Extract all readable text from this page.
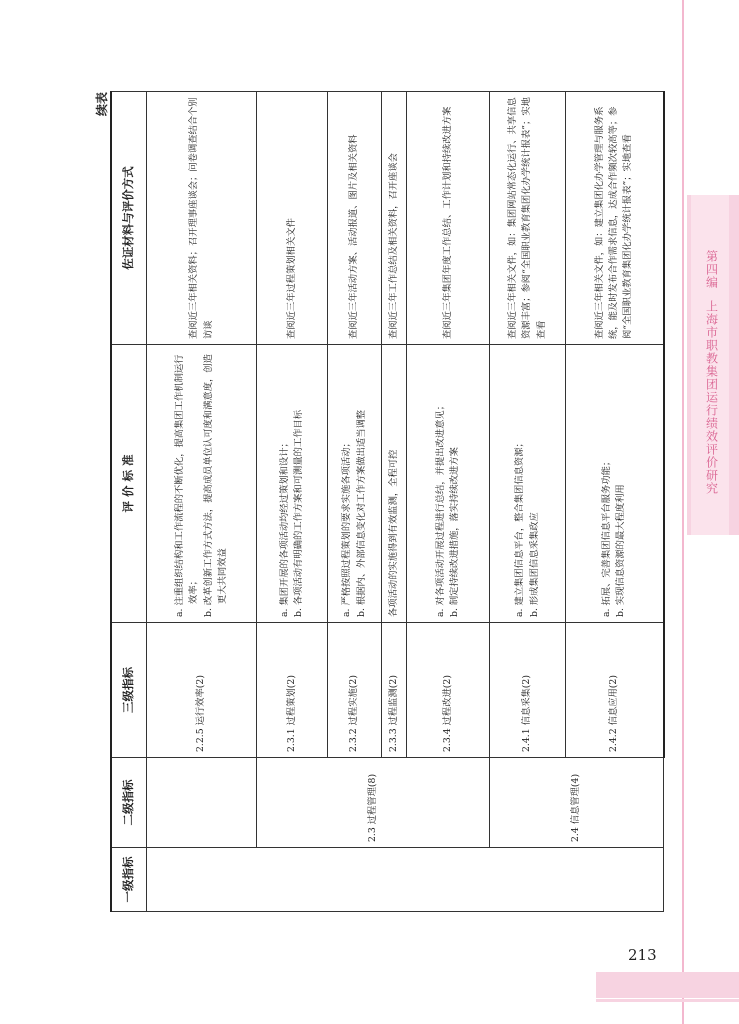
第四编 上海市职教集团运行绩效评价研究
213
续表
一级指标	二级指标	三级指标	评 价 标 准	佐证材料与评价方式
		2.2.5 运行效率(2)	a. 注重组织结构和工作流程的不断优化，提高集团工作机制运行效率； b. 改革创新工作方式方法，提高成员单位认可度和满意度，创造更大共同效益	查阅近三年相关资料；召开理事座谈会；问卷调查结合个别访谈
	2.3 过程管理(8)	2.3.1 过程策划(2)	a. 集团开展的各项活动均经过策划和设计； b. 各项活动有明确的工作方案和可测量的工作目标	查阅近三年过程策划相关文件
		2.3.2 过程实施(2)	a. 严格按照过程策划的要求实施各项活动； b. 根据内、外部信息变化对工作方案做出适当调整	查阅近三年活动方案、活动报道、图片及相关资料
		2.3.3 过程监测(2)	各项活动的实施得到有效监测，全程可控	查阅近三年工作总结及相关资料，召开座谈会
		2.3.4 过程改进(2)	a. 对各项活动开展过程进行总结，并提出改进意见； b. 制定持续改进措施，落实持续改进方案	查阅近三年集团年度工作总结、工作计划和持续改进方案
	2.4 信息管理(4)	2.4.1 信息采集(2)	a. 建立集团信息平台，整合集团信息资源； b. 形成集团信息采集政应	查阅近三年相关文件，如：集团网站常态化运行、共享信息资源丰富；参阅“全国职业教育集团化办学统计报表”；实地查看
		2.4.2 信息应用(2)	a. 拓展、完善集团信息平台服务功能； b. 实现信息资源的最大程度利用	查阅近三年相关文件，如：建立集团化办学管理与服务系统，能及时发布合作需求信息，达成合作频次较高等；参阅“全国职业教育集团化办学统计报表”；实地查看
